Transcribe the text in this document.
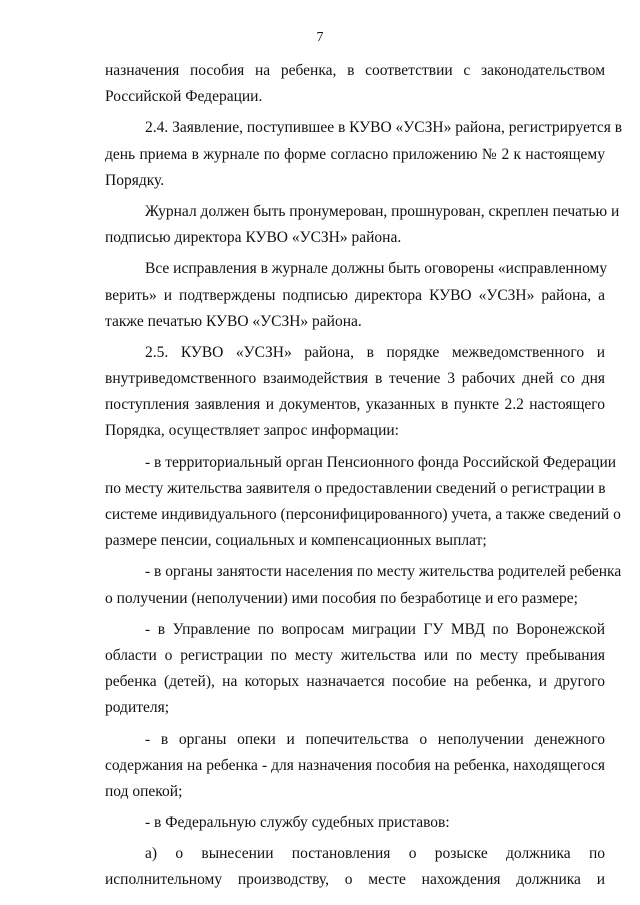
7
назначения пособия на ребенка, в соответствии с законодательством
Российской Федерации.
2.4. Заявление, поступившее в КУВО «УСЗН» района, регистрируется в
день приема в журнале по форме согласно приложению № 2 к настоящему
Порядку.
Журнал должен быть пронумерован, прошнурован, скреплен печатью и
подписью директора КУВО «УСЗН» района.
Все исправления в журнале должны быть оговорены «исправленному
верить» и подтверждены подписью директора КУВО «УСЗН» района, а
также печатью КУВО «УСЗН» района.
2.5. КУВО «УСЗН» района, в порядке межведомственного и
внутриведомственного взаимодействия в течение 3 рабочих дней со дня
поступления заявления и документов, указанных в пункте 2.2 настоящего
Порядка, осуществляет запрос информации:
- в территориальный орган Пенсионного фонда Российской Федерации
по месту жительства заявителя о предоставлении сведений о регистрации в
системе индивидуального (персонифицированного) учета, а также сведений о
размере пенсии, социальных и компенсационных выплат;
- в органы занятости населения по месту жительства родителей ребенка
о получении (неполучении) ими пособия по безработице и его размере;
- в Управление по вопросам миграции ГУ МВД по Воронежской
области о регистрации по месту жительства или по месту пребывания
ребенка (детей), на которых назначается пособие на ребенка, и другого
родителя;
- в органы опеки и попечительства о неполучении денежного
содержания на ребенка - для назначения пособия на ребенка, находящегося
под опекой;
- в Федеральную службу судебных приставов:
а) о вынесении постановления о розыске должника по
исполнительному производству, о месте нахождения должника и
